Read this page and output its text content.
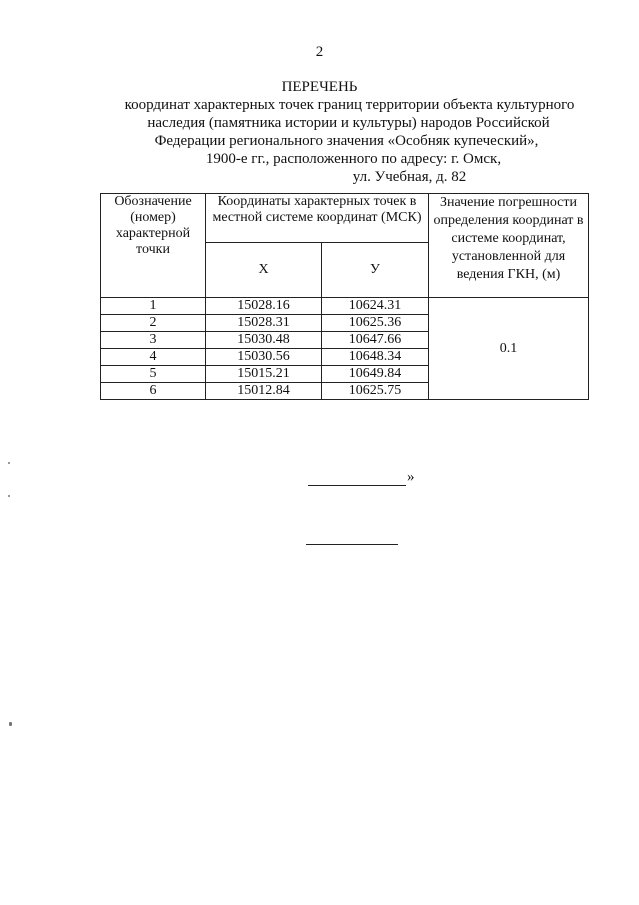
2
ПЕРЕЧЕНЬ
координат характерных точек границ территории объекта культурного
наследия (памятника истории и культуры) народов Российской
Федерации регионального значения «Особняк купеческий»,
1900-е гг., расположенного по адресу: г. Омск,
ул. Учебная, д. 82
Обозначение (номер) характерной точки	Координаты характерных точек в местной системе координат (МСК)		Значение погрешности определения координат в системе координат, установленной для ведения ГКН, (м)
	Х	У	
1	15028.16	10624.31	0.1
2	15028.31	10625.36	
3	15030.48	10647.66	
4	15030.56	10648.34	
5	15015.21	10649.84	
6	15012.84	10625.75	
»
